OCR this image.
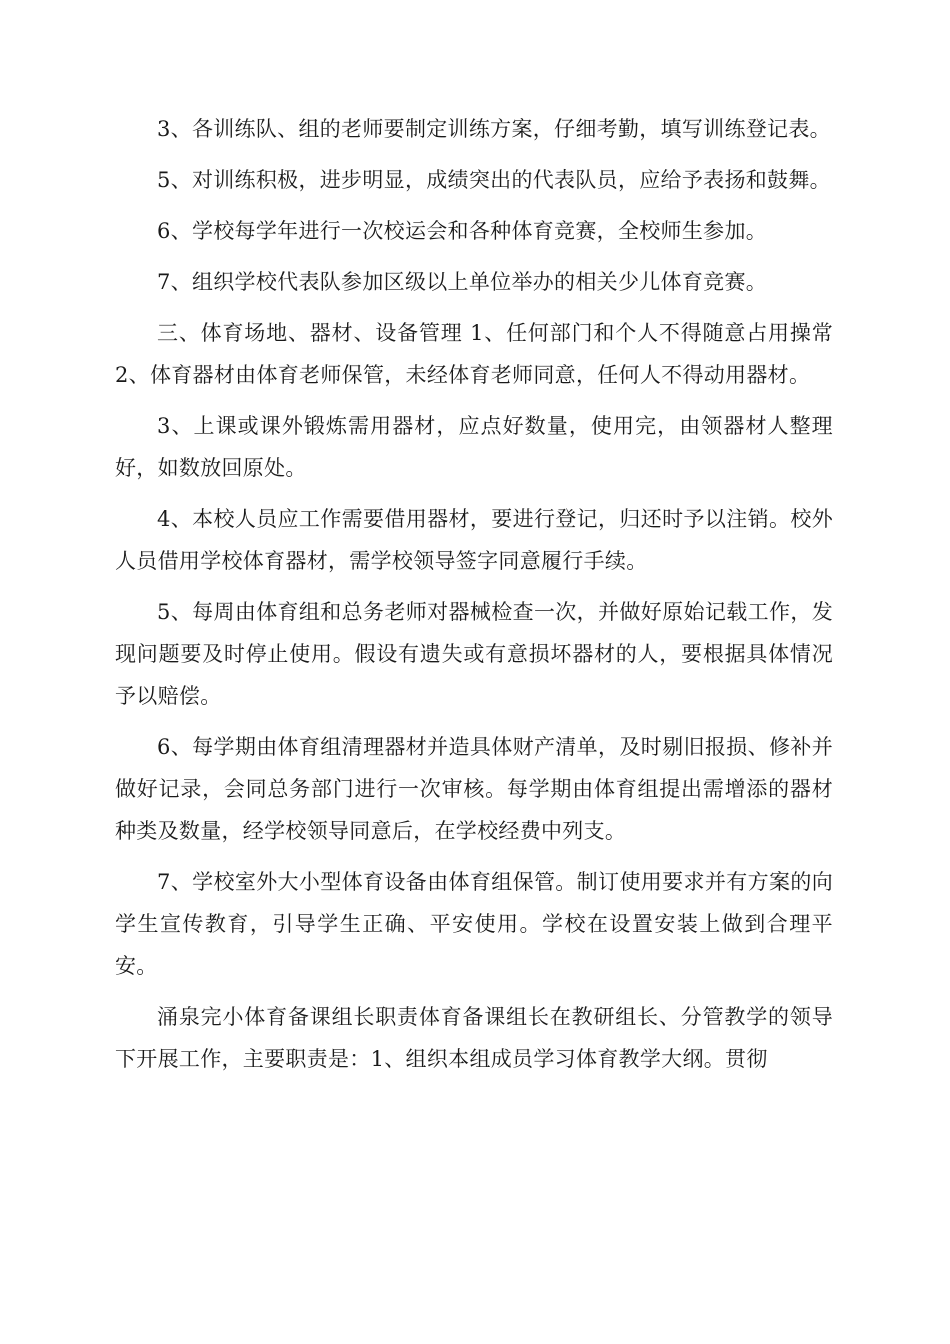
3、各训练队、组的老师要制定训练方案，仔细考勤，填写训练登记表。

5、对训练积极，进步明显，成绩突出的代表队员，应给予表扬和鼓舞。

6、学校每学年进行一次校运会和各种体育竞赛，全校师生参加。

7、组织学校代表队参加区级以上单位举办的相关少儿体育竞赛。

三、体育场地、器材、设备管理 1、任何部门和个人不得随意占用操常 2、体育器材由体育老师保管，未经体育老师同意，任何人不得动用器材。

3、上课或课外锻炼需用器材，应点好数量，使用完，由领器材人整理好，如数放回原处。

4、本校人员应工作需要借用器材，要进行登记，归还时予以注销。校外人员借用学校体育器材，需学校领导签字同意履行手续。

5、每周由体育组和总务老师对器械检查一次，并做好原始记载工作，发现问题要及时停止使用。假设有遗失或有意损坏器材的人，要根据具体情况予以赔偿。

6、每学期由体育组清理器材并造具体财产清单，及时剔旧报损、修补并做好记录，会同总务部门进行一次审核。每学期由体育组提出需增添的器材种类及数量，经学校领导同意后，在学校经费中列支。

7、学校室外大小型体育设备由体育组保管。制订使用要求并有方案的向学生宣传教育，引导学生正确、平安使用。学校在设置安装上做到合理平安。

涌泉完小体育备课组长职责体育备课组长在教研组长、分管教学的领导下开展工作，主要职责是：1、组织本组成员学习体育教学大纲。贯彻
